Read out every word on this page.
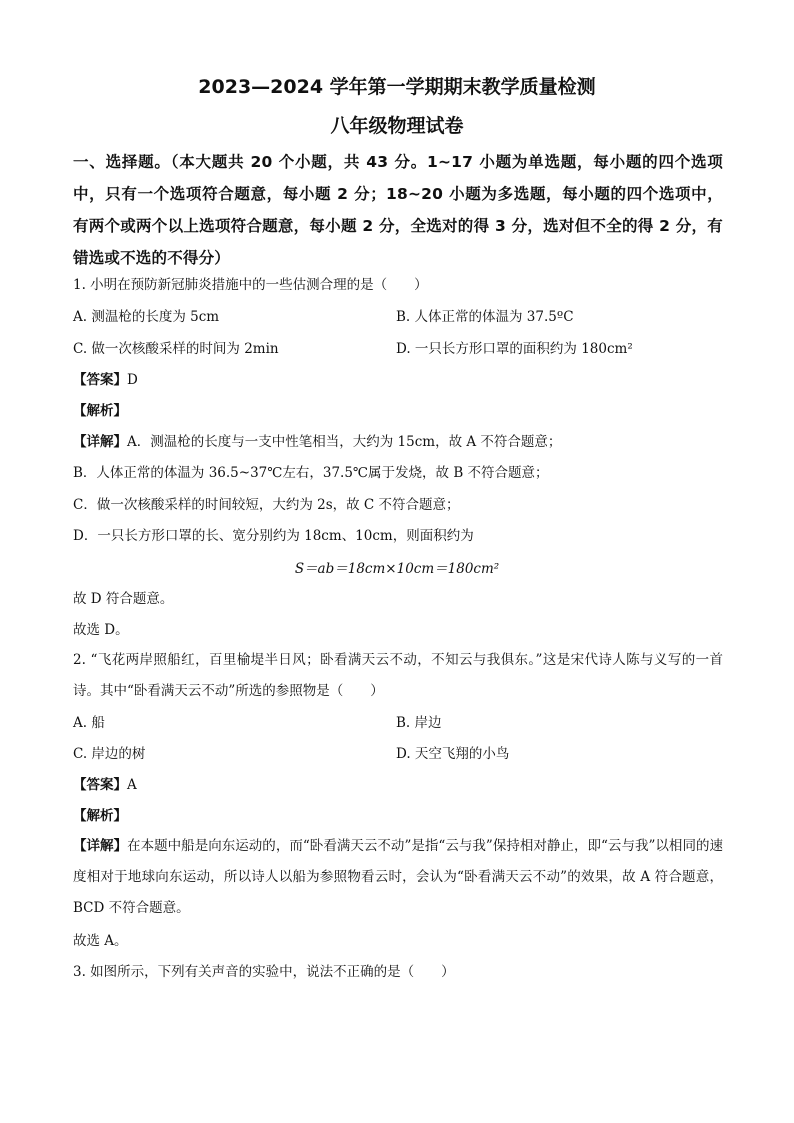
2023—2024 学年第一学期期末教学质量检测
八年级物理试卷
一、选择题。（本大题共 20 个小题，共 43 分。1~17 小题为单选题，每小题的四个选项中，只有一个选项符合题意，每小题 2 分；18~20 小题为多选题，每小题的四个选项中，有两个或两个以上选项符合题意，每小题 2 分，全选对的得 3 分，选对但不全的得 2 分，有错选或不选的不得分）
1. 小明在预防新冠肺炎措施中的一些估测合理的是（　　）
A. 测温枪的长度为 5cm	B. 人体正常的体温为 37.5ºC
C. 做一次核酸采样的时间为 2min	D. 一只长方形口罩的面积约为 180cm²
【答案】D
【解析】
【详解】A．测温枪的长度与一支中性笔相当，大约为 15cm，故 A 不符合题意；
B．人体正常的体温为 36.5~37℃左右，37.5℃属于发烧，故 B 不符合题意；
C．做一次核酸采样的时间较短，大约为 2s，故 C 不符合题意；
D．一只长方形口罩的长、宽分别约为 18cm、10cm，则面积约为
S＝ab＝18cm×10cm＝180cm²
故 D 符合题意。
故选 D。
2. “飞花两岸照船红，百里榆堤半日风；卧看满天云不动，不知云与我俱东。”这是宋代诗人陈与义写的一首诗。其中“卧看满天云不动”所选的参照物是（　　）
A. 船	B. 岸边
C. 岸边的树	D. 天空飞翔的小鸟
【答案】A
【解析】
【详解】在本题中船是向东运动的，而“卧看满天云不动”是指“云与我”保持相对静止，即“云与我”以相同的速度相对于地球向东运动，所以诗人以船为参照物看云时，会认为“卧看满天云不动”的效果，故 A 符合题意，BCD 不符合题意。
故选 A。
3. 如图所示，下列有关声音的实验中，说法不正确的是（　　）
